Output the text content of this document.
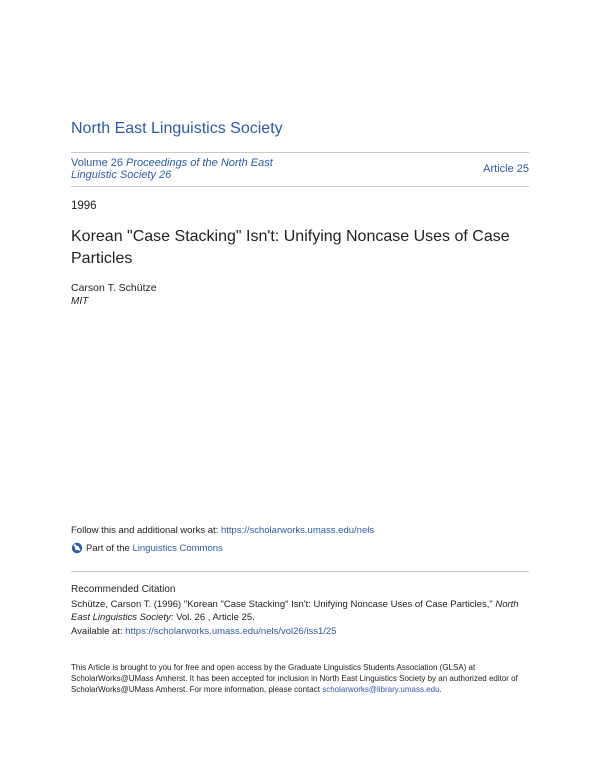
North East Linguistics Society
Volume 26 Proceedings of the North East Linguistic Society 26	Article 25
1996
Korean "Case Stacking" Isn't: Unifying Noncase Uses of Case Particles
Carson T. Schütze
MIT
Follow this and additional works at: https://scholarworks.umass.edu/nels
Part of the
Linguistics Commons
Recommended Citation
Schütze, Carson T. (1996) "Korean "Case Stacking" Isn't: Unifying Noncase Uses of Case Particles," North East Linguistics Society: Vol. 26 , Article 25.
Available at: https://scholarworks.umass.edu/nels/vol26/iss1/25
This Article is brought to you for free and open access by the Graduate Linguistics Students Association (GLSA) at ScholarWorks@UMass Amherst. It has been accepted for inclusion in North East Linguistics Society by an authorized editor of ScholarWorks@UMass Amherst. For more information, please contact scholarworks@library.umass.edu.
